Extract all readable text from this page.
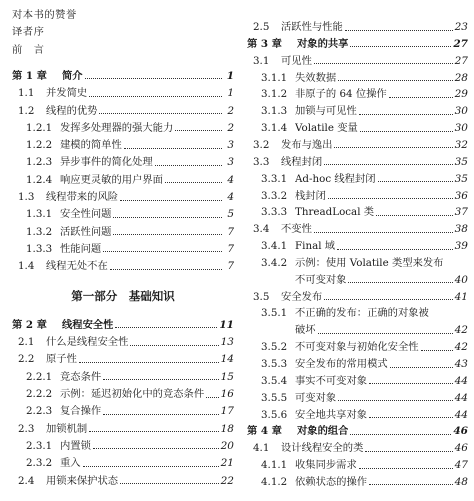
对本书的赞誉
译者序
前　言
第 1 章	简介	1
1.1	并发简史	1
1.2	线程的优势	2
1.2.1 发挥多处理器的强大能力	2
1.2.2 建模的简单性	3
1.2.3 异步事件的简化处理	3
1.2.4 响应更灵敏的用户界面	4
1.3	线程带来的风险	4
1.3.1 安全性问题	5
1.3.2 活跃性问题	7
1.3.3 性能问题	7
1.4	线程无处不在	7
第一部分　基础知识
第 2 章	线程安全性	11
2.1	什么是线程安全性	13
2.2	原子性	14
2.2.1 竞态条件	15
2.2.2 示例：延迟初始化中的竞态条件 16
2.2.3 复合操作	17
2.3	加锁机制	18
2.3.1 内置锁	20
2.3.2 重入	21
2.4	用锁来保护状态	22
2.5	活跃性与性能	23
第 3 章	对象的共享	27
3.1	可见性	27
3.1.1 失效数据	28
3.1.2 非原子的 64 位操作	29
3.1.3 加锁与可见性	30
3.1.4 Volatile 变量	30
3.2	发布与逸出	32
3.3	线程封闭	35
3.3.1 Ad-hoc 线程封闭	35
3.3.2 栈封闭	36
3.3.3 ThreadLocal 类	37
3.4	不变性	38
3.4.1 Final 域	39
3.4.2 示例：使用 Volatile 类型来发布
不可变对象	40
3.5	安全发布	41
3.5.1 不正确的发布：正确的对象被
破坏	42
3.5.2 不可变对象与初始化安全性	42
3.5.3 安全发布的常用模式	43
3.5.4 事实不可变对象	44
3.5.5 可变对象	44
3.5.6 安全地共享对象	44
第 4 章	对象的组合	46
4.1	设计线程安全的类	46
4.1.1 收集同步需求	47
4.1.2 依赖状态的操作	48
